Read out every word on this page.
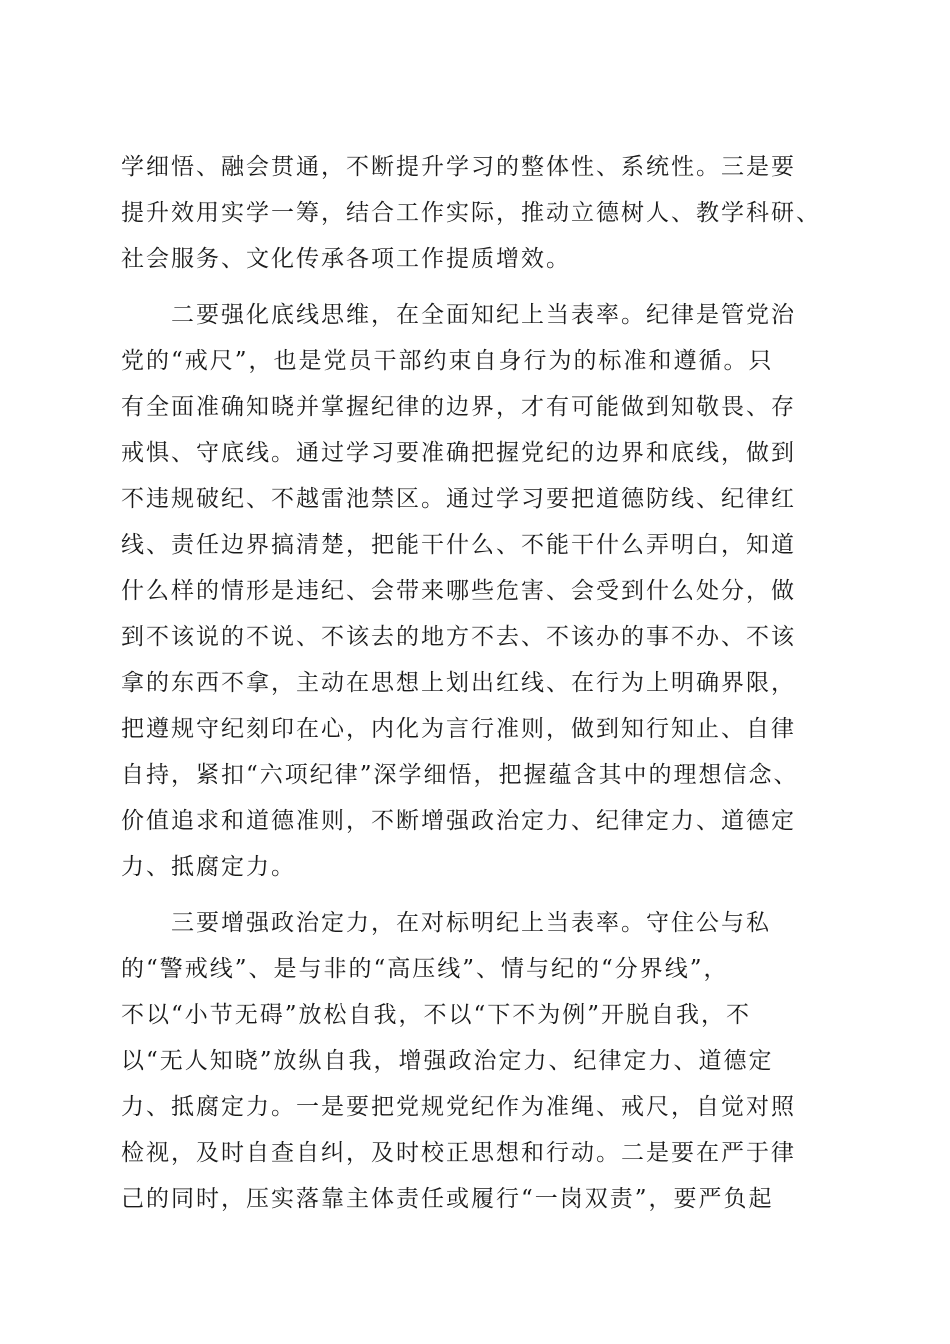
学细悟、融会贯通，不断提升学习的整体性、系统性。三是要
提升效用实学一筹，结合工作实际，推动立德树人、教学科研、
社会服务、文化传承各项工作提质增效。
　　二要强化底线思维，在全面知纪上当表率。纪律是管党治
党的“戒尺”，也是党员干部约束自身行为的标准和遵循。只
有全面准确知晓并掌握纪律的边界，才有可能做到知敬畏、存
戒惧、守底线。通过学习要准确把握党纪的边界和底线，做到
不违规破纪、不越雷池禁区。通过学习要把道德防线、纪律红
线、责任边界搞清楚，把能干什么、不能干什么弄明白，知道
什么样的情形是违纪、会带来哪些危害、会受到什么处分，做
到不该说的不说、不该去的地方不去、不该办的事不办、不该
拿的东西不拿，主动在思想上划出红线、在行为上明确界限，
把遵规守纪刻印在心，内化为言行准则，做到知行知止、自律
自持，紧扣“六项纪律”深学细悟，把握蕴含其中的理想信念、
价值追求和道德准则，不断增强政治定力、纪律定力、道德定
力、抵腐定力。
　　三要增强政治定力，在对标明纪上当表率。守住公与私
的“警戒线”、是与非的“高压线”、情与纪的“分界线”，
不以“小节无碍”放松自我，不以“下不为例”开脱自我，不
以“无人知晓”放纵自我，增强政治定力、纪律定力、道德定
力、抵腐定力。一是要把党规党纪作为准绳、戒尺，自觉对照
检视，及时自查自纠，及时校正思想和行动。二是要在严于律
己的同时，压实落靠主体责任或履行“一岗双责”，要严负起
